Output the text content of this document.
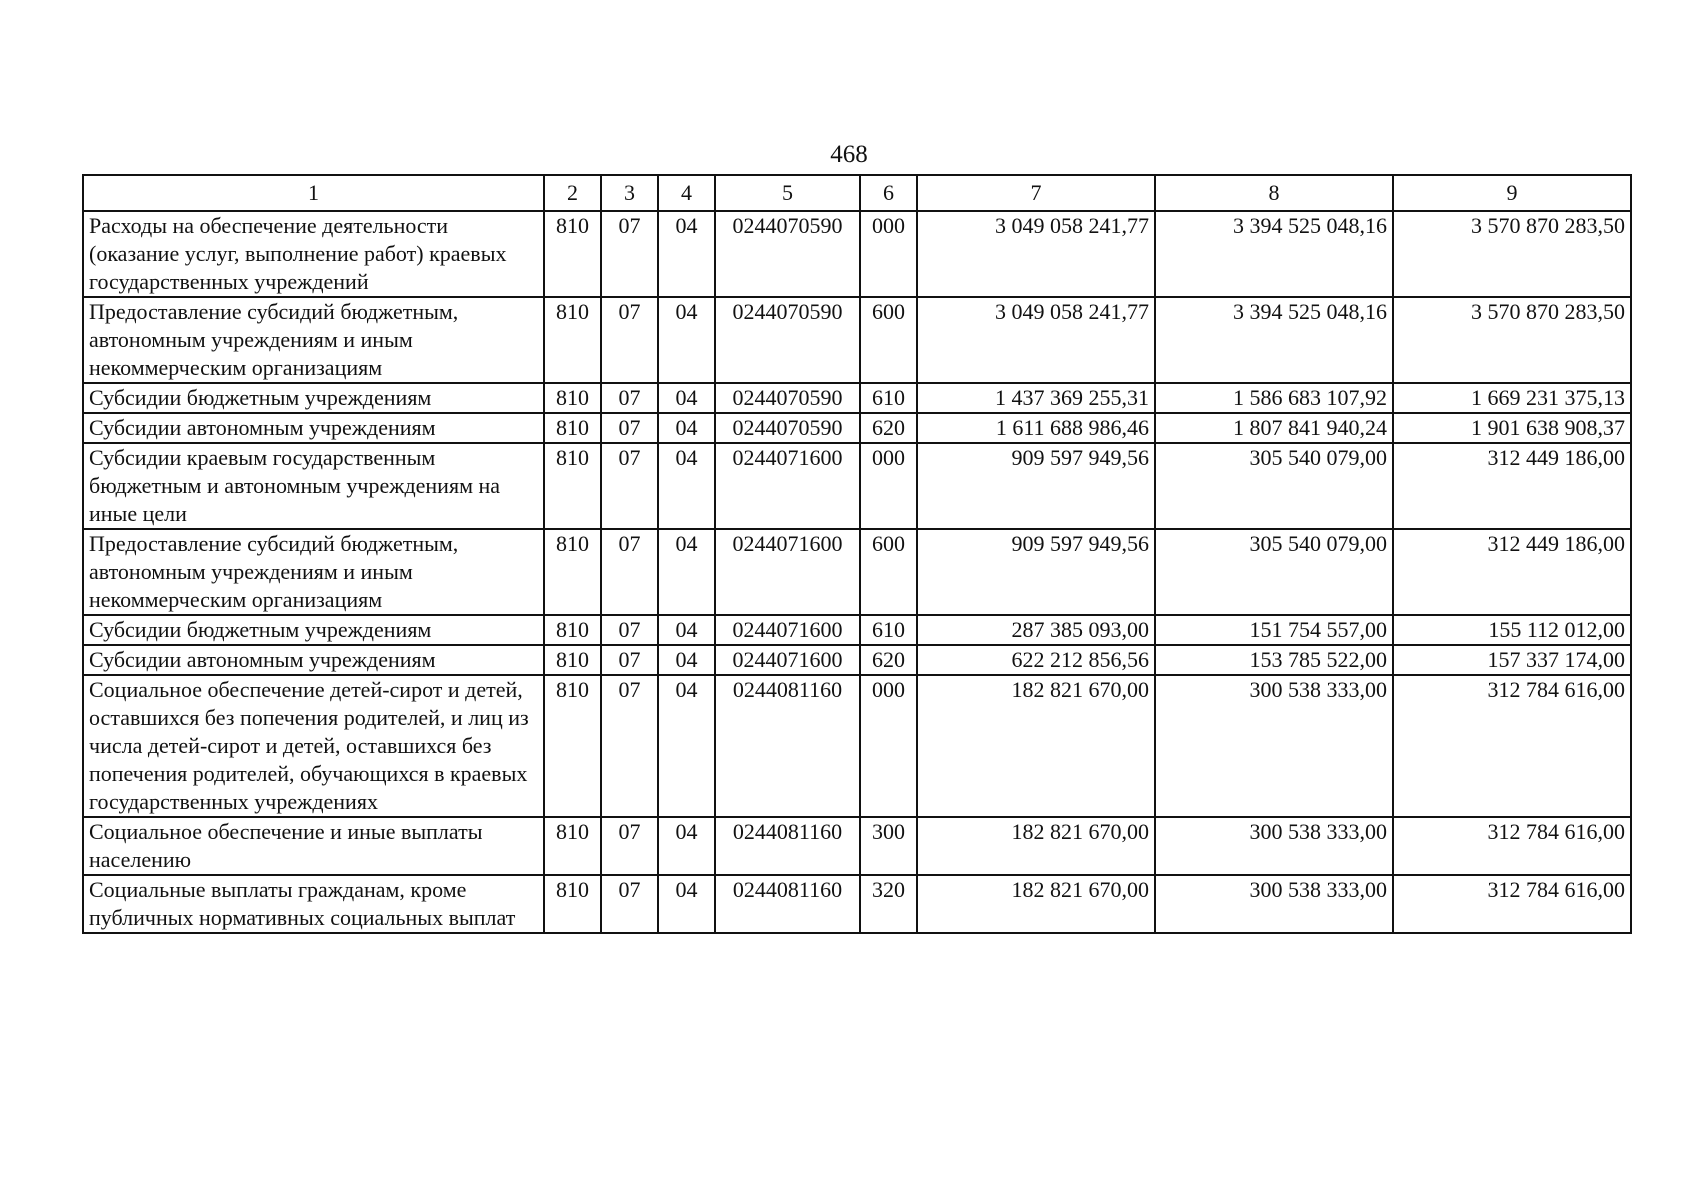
468
1	2	3	4	5	6	7	8	9
Расходы на обеспечение деятельности (оказание услуг, выполнение работ) краевых государственных учреждений	810	07	04	0244070590	000	3 049 058 241,77	3 394 525 048,16	3 570 870 283,50
Предоставление субсидий бюджетным, автономным учреждениям и иным некоммерческим организациям	810	07	04	0244070590	600	3 049 058 241,77	3 394 525 048,16	3 570 870 283,50
Субсидии бюджетным учреждениям	810	07	04	0244070590	610	1 437 369 255,31	1 586 683 107,92	1 669 231 375,13
Субсидии автономным учреждениям	810	07	04	0244070590	620	1 611 688 986,46	1 807 841 940,24	1 901 638 908,37
Субсидии краевым государственным бюджетным и автономным учреждениям на иные цели	810	07	04	0244071600	000	909 597 949,56	305 540 079,00	312 449 186,00
Предоставление субсидий бюджетным, автономным учреждениям и иным некоммерческим организациям	810	07	04	0244071600	600	909 597 949,56	305 540 079,00	312 449 186,00
Субсидии бюджетным учреждениям	810	07	04	0244071600	610	287 385 093,00	151 754 557,00	155 112 012,00
Субсидии автономным учреждениям	810	07	04	0244071600	620	622 212 856,56	153 785 522,00	157 337 174,00
Социальное обеспечение детей-сирот и детей, оставшихся без попечения родителей, и лиц из числа детей-сирот и детей, оставшихся без попечения родителей, обучающихся в краевых государственных учреждениях	810	07	04	0244081160	000	182 821 670,00	300 538 333,00	312 784 616,00
Социальное обеспечение и иные выплаты населению	810	07	04	0244081160	300	182 821 670,00	300 538 333,00	312 784 616,00
Социальные выплаты гражданам, кроме публичных нормативных социальных выплат	810	07	04	0244081160	320	182 821 670,00	300 538 333,00	312 784 616,00
